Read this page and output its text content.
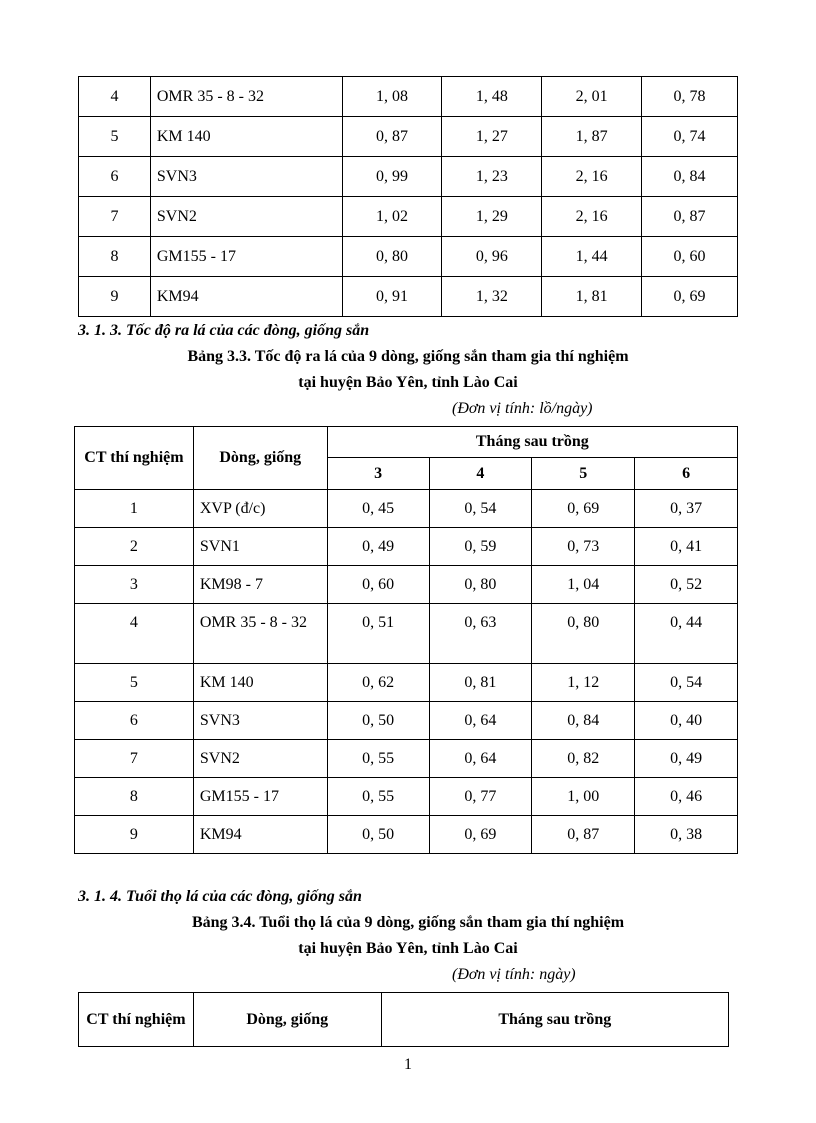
4	OMR 35 - 8 - 32	1, 08	1, 48	2, 01	0, 78
5	KM 140	0, 87	1, 27	1, 87	0, 74
6	SVN3	0, 99	1, 23	2, 16	0, 84
7	SVN2	1, 02	1, 29	2, 16	0, 87
8	GM155 - 17	0, 80	0, 96	1, 44	0, 60
9	KM94	0, 91	1, 32	1, 81	0, 69
3. 1. 3. Tốc độ ra lá của các đòng, giống sắn
Bảng 3.3. Tốc độ ra lá của 9 dòng, giống sắn tham gia thí nghiệm
tại huyện Bảo Yên, tỉnh Lào Cai
(Đơn vị tính: lồ/ngày)
CT thí nghiệm	Dòng, giống	Tháng sau trồng			
		3	4	5	6
1	XVP (đ/c)	0, 45	0, 54	0, 69	0, 37
2	SVN1	0, 49	0, 59	0, 73	0, 41
3	KM98 - 7	0, 60	0, 80	1, 04	0, 52
4	OMR 35 - 8 - 32	0, 51	0, 63	0, 80	0, 44
5	KM 140	0, 62	0, 81	1, 12	0, 54
6	SVN3	0, 50	0, 64	0, 84	0, 40
7	SVN2	0, 55	0, 64	0, 82	0, 49
8	GM155 - 17	0, 55	0, 77	1, 00	0, 46
9	KM94	0, 50	0, 69	0, 87	0, 38
3. 1. 4. Tuổi thọ lá của các đòng, giống sắn
Bảng 3.4. Tuổi thọ lá của 9 dòng, giống sắn tham gia thí nghiệm
tại huyện Bảo Yên, tỉnh Lào Cai
(Đơn vị tính: ngày)
CT thí nghiệm	Dòng, giống	Tháng sau trồng
1
